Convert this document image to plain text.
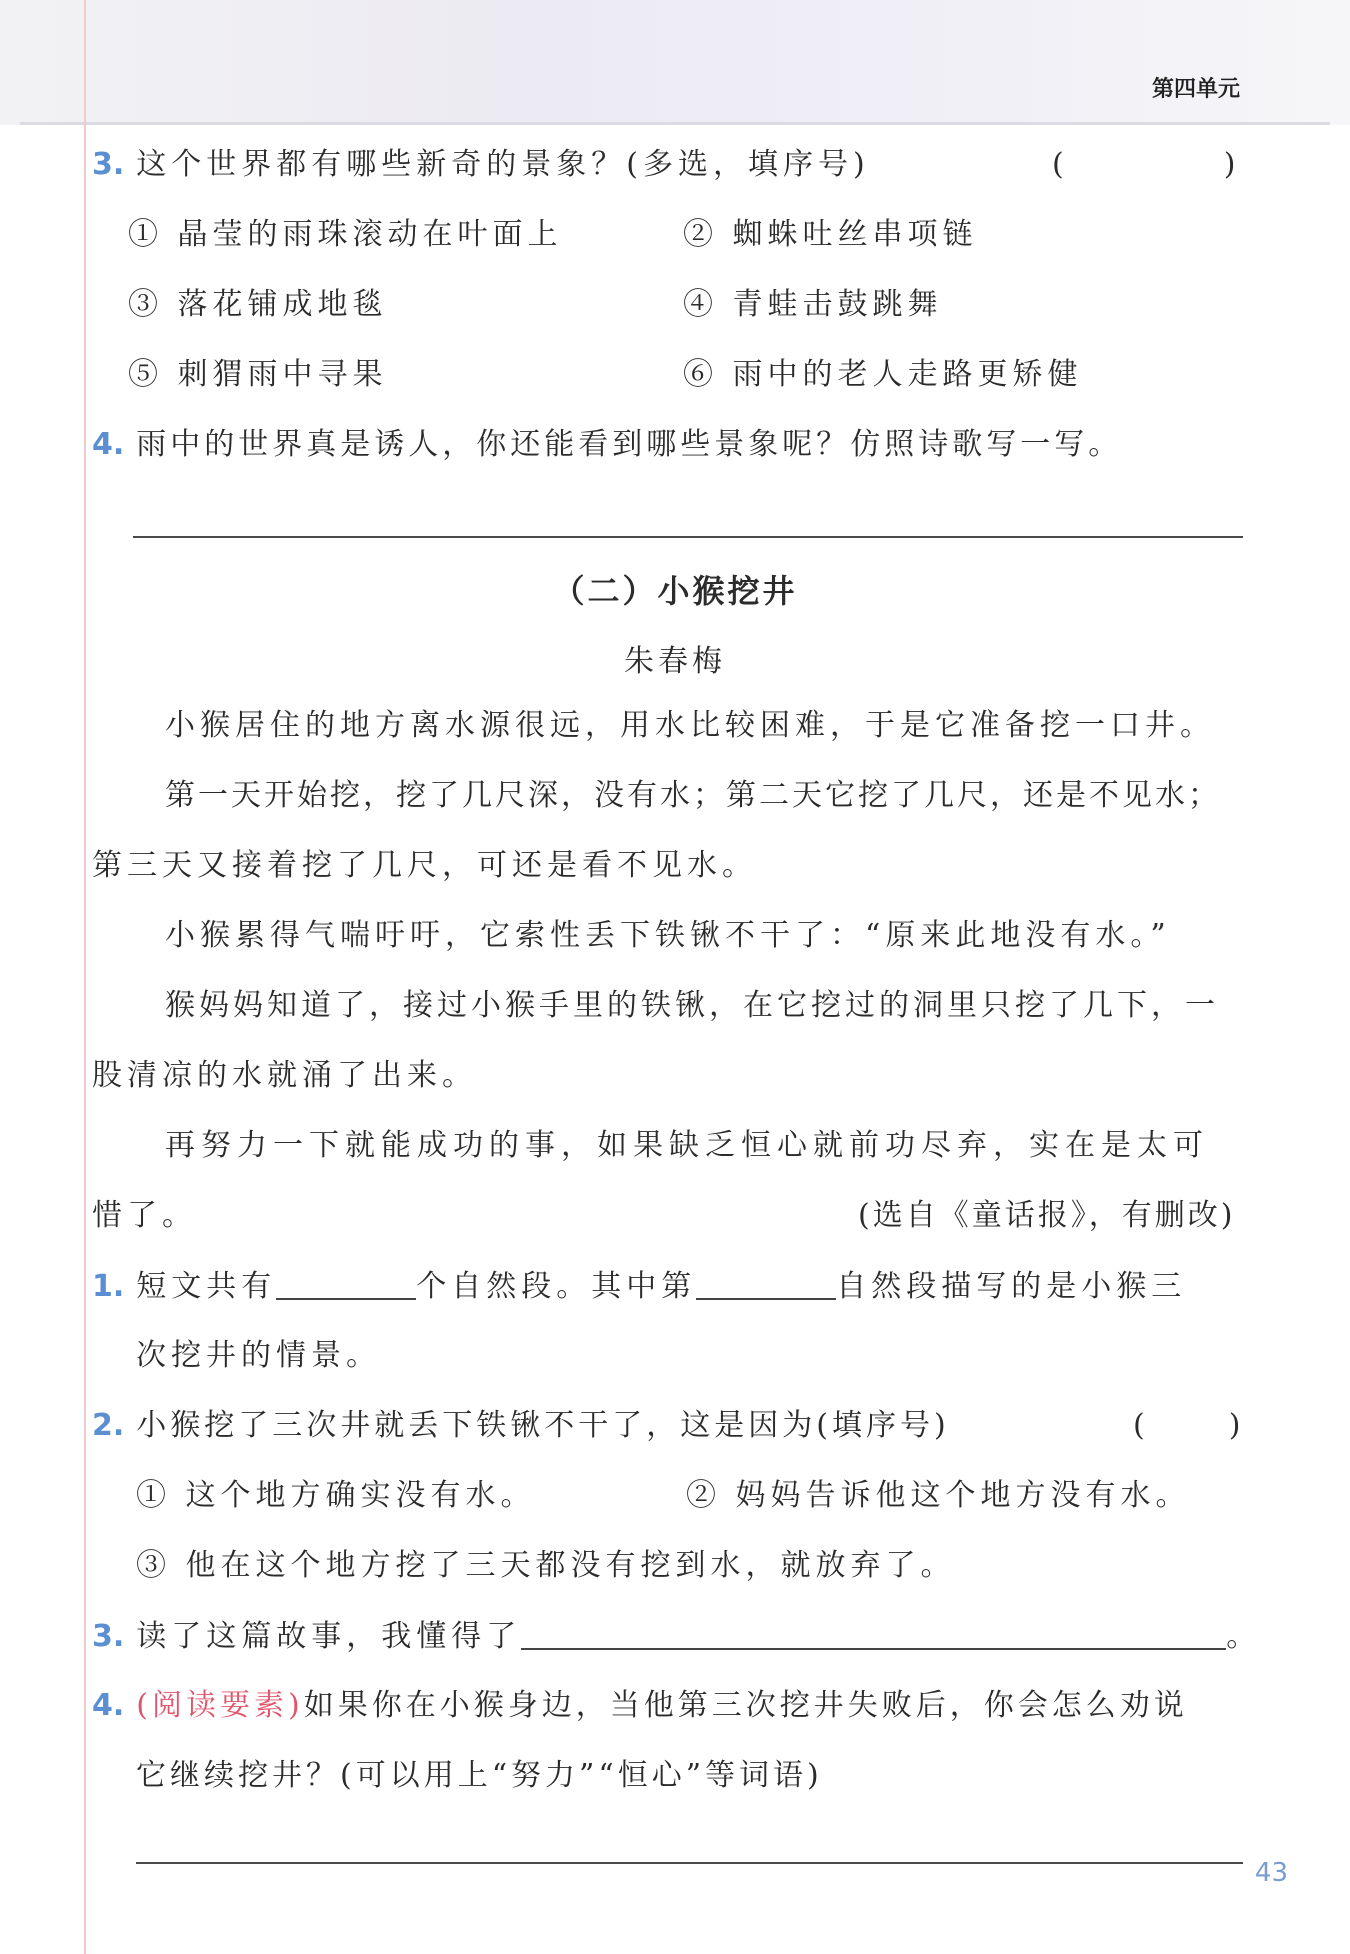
第四单元
3. 这个世界都有哪些新奇的景象？(多选，填序号)	(　　　　)
① 晶莹的雨珠滚动在叶面上	② 蜘蛛吐丝串项链
③ 落花铺成地毯	④ 青蛙击鼓跳舞
⑤ 刺猬雨中寻果	⑥ 雨中的老人走路更矫健
4. 雨中的世界真是诱人，你还能看到哪些景象呢？仿照诗歌写一写。
（二）小猴挖井
朱春梅
小猴居住的地方离水源很远，用水比较困难，于是它准备挖一口井。
第一天开始挖，挖了几尺深，没有水；第二天它挖了几尺，还是不见水；
第三天又接着挖了几尺，可还是看不见水。
小猴累得气喘吁吁，它索性丢下铁锹不干了：“原来此地没有水。”
猴妈妈知道了，接过小猴手里的铁锹，在它挖过的洞里只挖了几下，一
股清凉的水就涌了出来。
再努力一下就能成功的事，如果缺乏恒心就前功尽弃，实在是太可
惜了。	(选自《童话报》，有删改)
1. 短文共有	个自然段。其中第	自然段描写的是小猴三
次挖井的情景。
2. 小猴挖了三次井就丢下铁锹不干了，这是因为(填序号)	(　　)
① 这个地方确实没有水。	② 妈妈告诉他这个地方没有水。
③ 他在这个地方挖了三天都没有挖到水，就放弃了。
3. 读了这篇故事，我懂得了	。
4. (阅读要素)如果你在小猴身边，当他第三次挖井失败后，你会怎么劝说
它继续挖井？(可以用上“努力”“恒心”等词语)
43
